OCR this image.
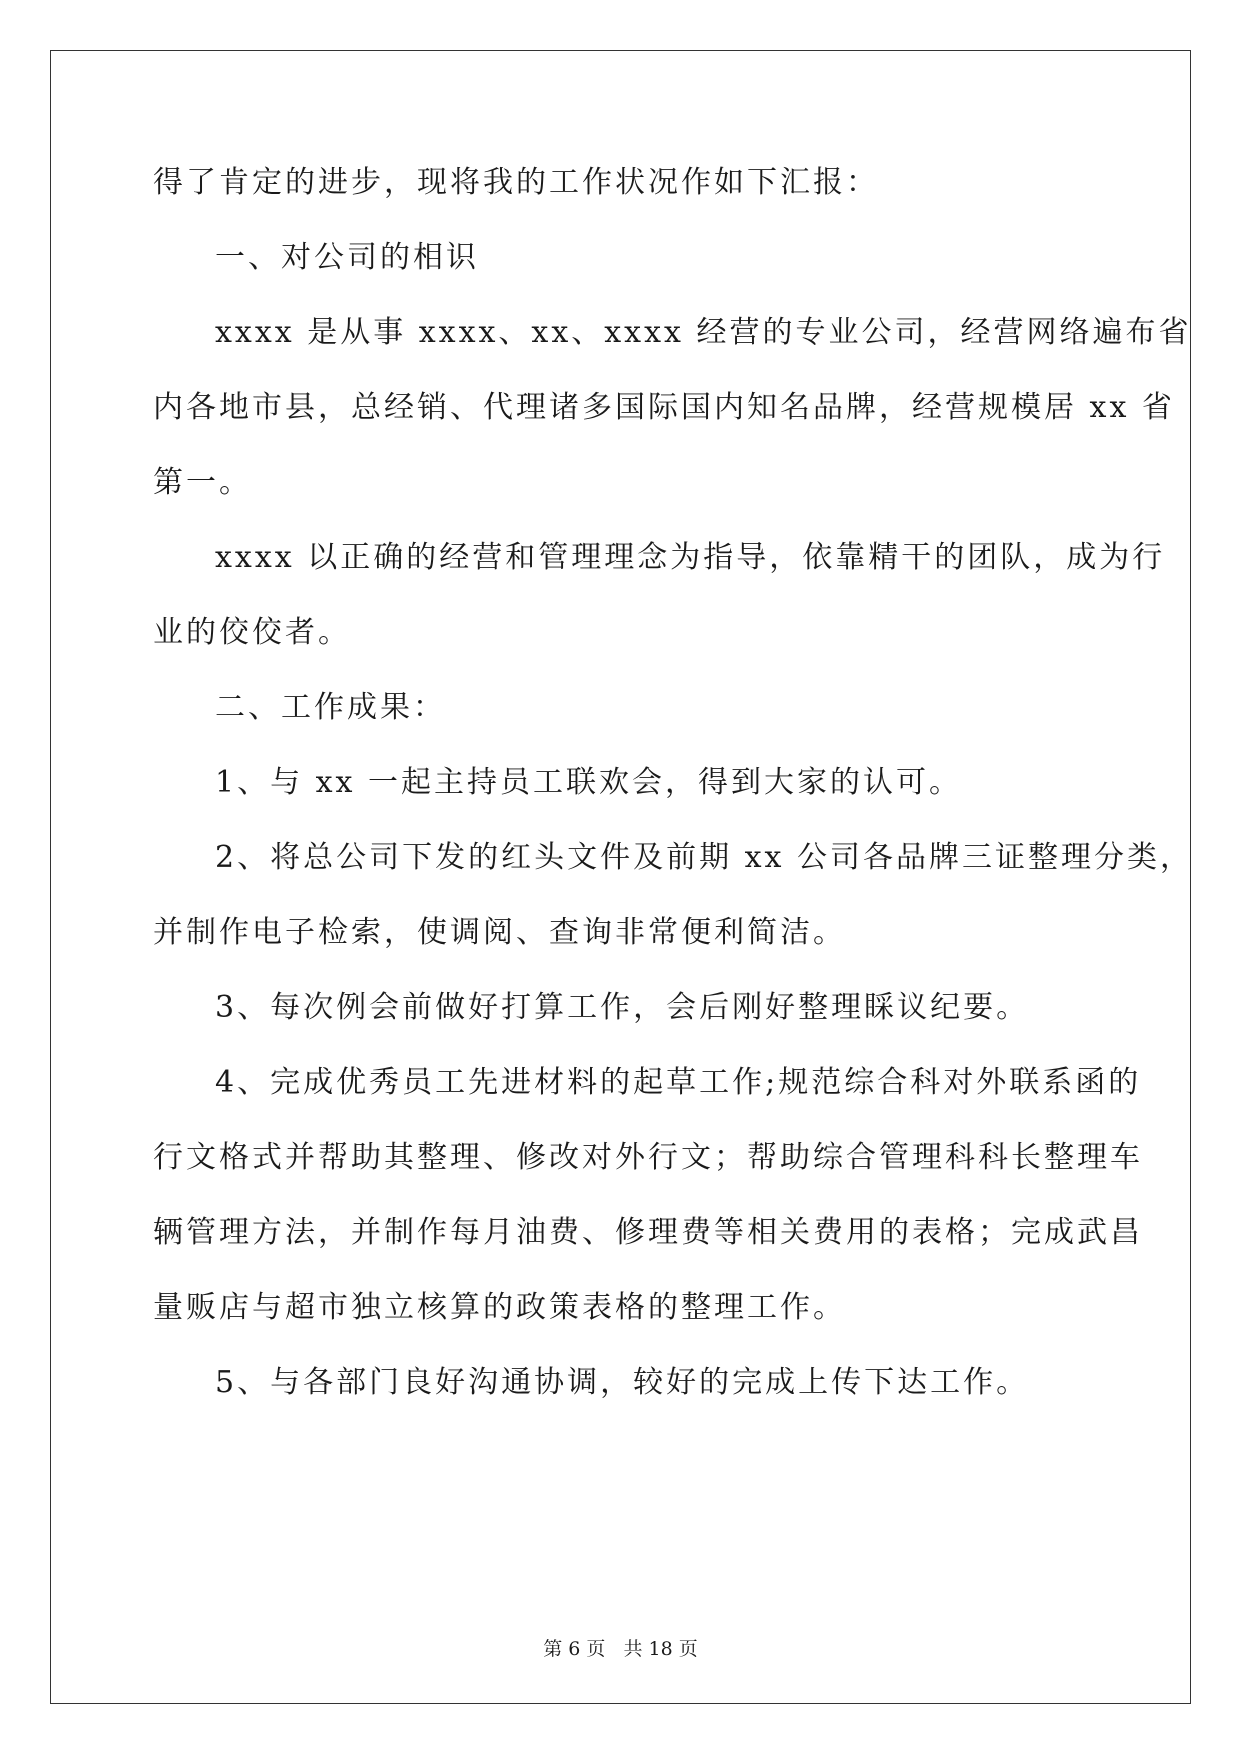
得了肯定的进步，现将我的工作状况作如下汇报：
一、对公司的相识
xxxx 是从事 xxxx、xx、xxxx 经营的专业公司，经营网络遍布省
内各地市县，总经销、代理诸多国际国内知名品牌，经营规模居 xx 省
第一。
xxxx 以正确的经营和管理理念为指导，依靠精干的团队，成为行
业的佼佼者。
二、工作成果：
1、与 xx 一起主持员工联欢会，得到大家的认可。
2、将总公司下发的红头文件及前期 xx 公司各品牌三证整理分类，
并制作电子检索，使调阅、查询非常便利简洁。
3、每次例会前做好打算工作，会后刚好整理睬议纪要。
4、完成优秀员工先进材料的起草工作;规范综合科对外联系函的
行文格式并帮助其整理、修改对外行文；帮助综合管理科科长整理车
辆管理方法，并制作每月油费、修理费等相关费用的表格；完成武昌
量贩店与超市独立核算的政策表格的整理工作。
5、与各部门良好沟通协调，较好的完成上传下达工作。
第 6 页 共 18 页
